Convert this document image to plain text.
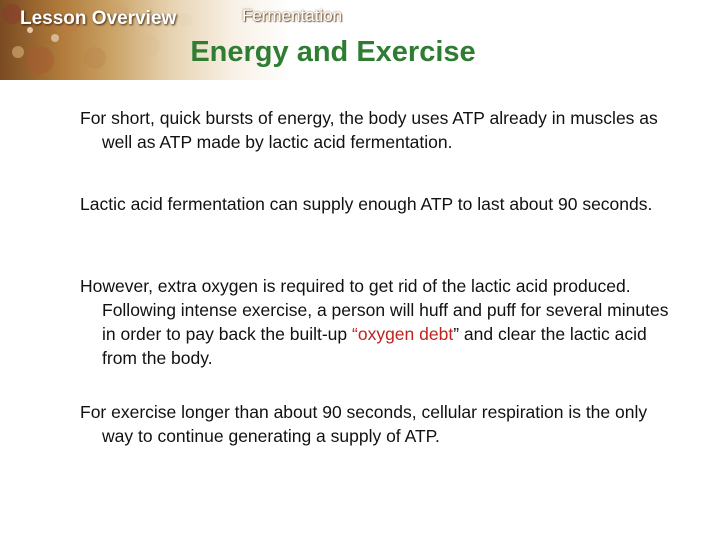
Lesson Overview	Fermentation
Energy and Exercise

For short, quick bursts of energy, the body uses ATP already in muscles as well as ATP made by lactic acid fermentation.

Lactic acid fermentation can supply enough ATP to last about 90 seconds.

However, extra oxygen is required to get rid of the lactic acid produced. Following intense exercise, a person will huff and puff for several minutes in order to pay back the built-up “oxygen debt” and clear the lactic acid from the body.

For exercise longer than about 90 seconds, cellular respiration is the only way to continue generating a supply of ATP.
